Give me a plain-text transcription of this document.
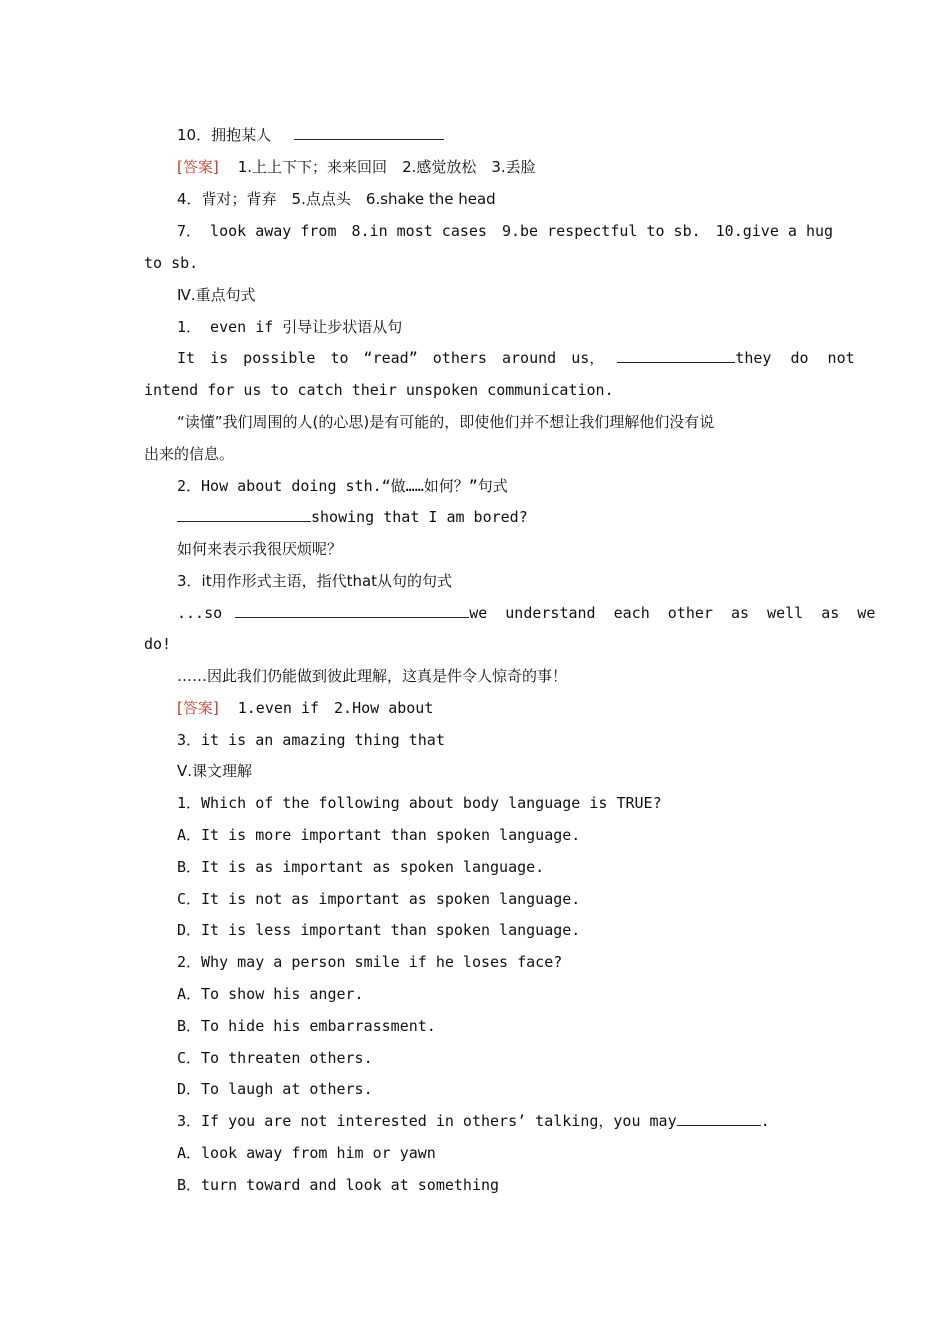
10．拥抱某人
[答案] 1.上上下下；来来回回　2.感觉放松　3.丢脸
4．背对；背弃　5.点点头　6.shake the head
7． look away from　8.in most cases　9.be respectful to sb.　10.give a hug
to sb.
Ⅳ.重点句式
1． even if 引导让步状语从句
It is possible to “read” others around us，	they do not
intend for us to catch their unspoken communication.
“读懂”我们周围的人(的心思)是有可能的，即使他们并不想让我们理解他们没有说
出来的信息。
2．How about doing sth.“做……如何？”句式
showing that I am bored?
如何来表示我很厌烦呢？
3．it用作形式主语，指代that从句的句式
...so	we understand each other as well as we
do!
……因此我们仍能做到彼此理解，这真是件令人惊奇的事！
[答案] 1.even if　2.How about
3．it is an amazing thing that
Ⅴ.课文理解
1．Which of the following about body language is TRUE?
A．It is more important than spoken language.
B．It is as important as spoken language.
C．It is not as important as spoken language.
D．It is less important than spoken language.
2．Why may a person smile if he loses face?
A．To show his anger.
B．To hide his embarrassment.
C．To threaten others.
D．To laugh at others.
3．If you are not interested in others’ talking，you may	.
A．look away from him or yawn
B．turn toward and look at something
